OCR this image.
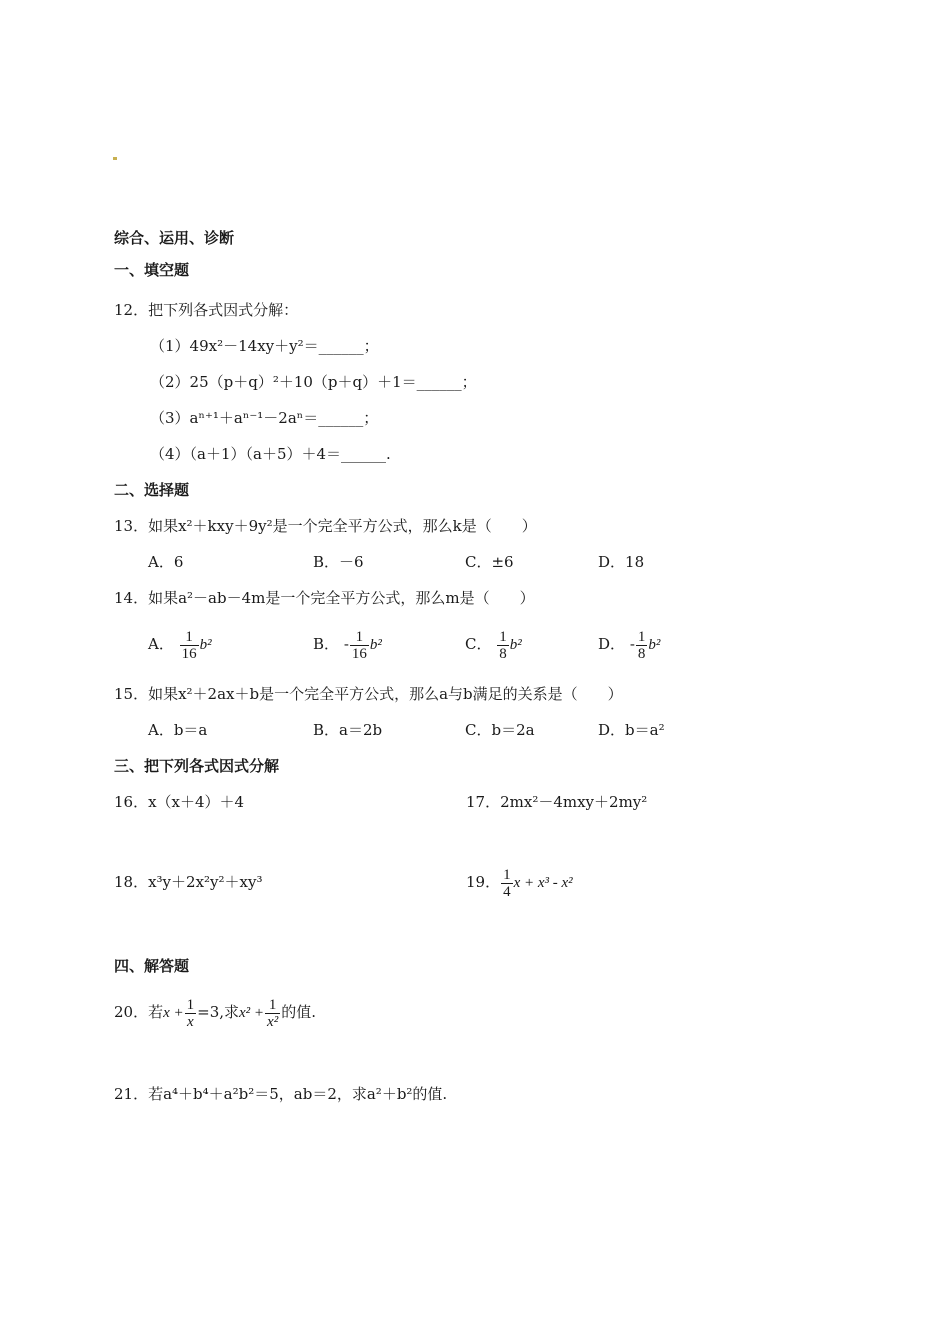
综合、运用、诊断
一、填空题
12．把下列各式因式分解：
（1）49x²－14xy＋y²＝______；
（2）25（p＋q）²＋10（p＋q）＋1＝______；
（3）aⁿ⁺¹＋aⁿ⁻¹－2aⁿ＝______；
（4）（a＋1）（a＋5）＋4＝______.
二、选择题
13．如果x²＋kxy＋9y²是一个完全平方公式，那么k是（　　）
A．6	B．－6	C．±6	D．18
14．如果a²－ab－4m是一个完全平方公式，那么m是（　　）
A． $\frac{1}{16} b^2$	B． - $\frac{1}{16} b^2$	C． $\frac{1}{8} b^2$	D． - $\frac{1}{8} b^2$
15．如果x²＋2ax＋b是一个完全平方公式，那么a与b满足的关系是（　　）
A．b＝a	B．a＝2b	C．b＝2a	D．b＝a²
三、把下列各式因式分解
16．x（x＋4）＋4	17．2mx²－4mxy＋2my²
18．x³y＋2x²y²＋xy³	19． $\frac{1}{4}$ x + x³ - x²
四、解答题
20．若$x + \frac{1}{x} =3$,求$x^2 + \frac{1}{\text{x²}}$ 的值.
21．若a⁴＋b⁴＋a²b²＝5，ab＝2，求a²＋b²的值.
